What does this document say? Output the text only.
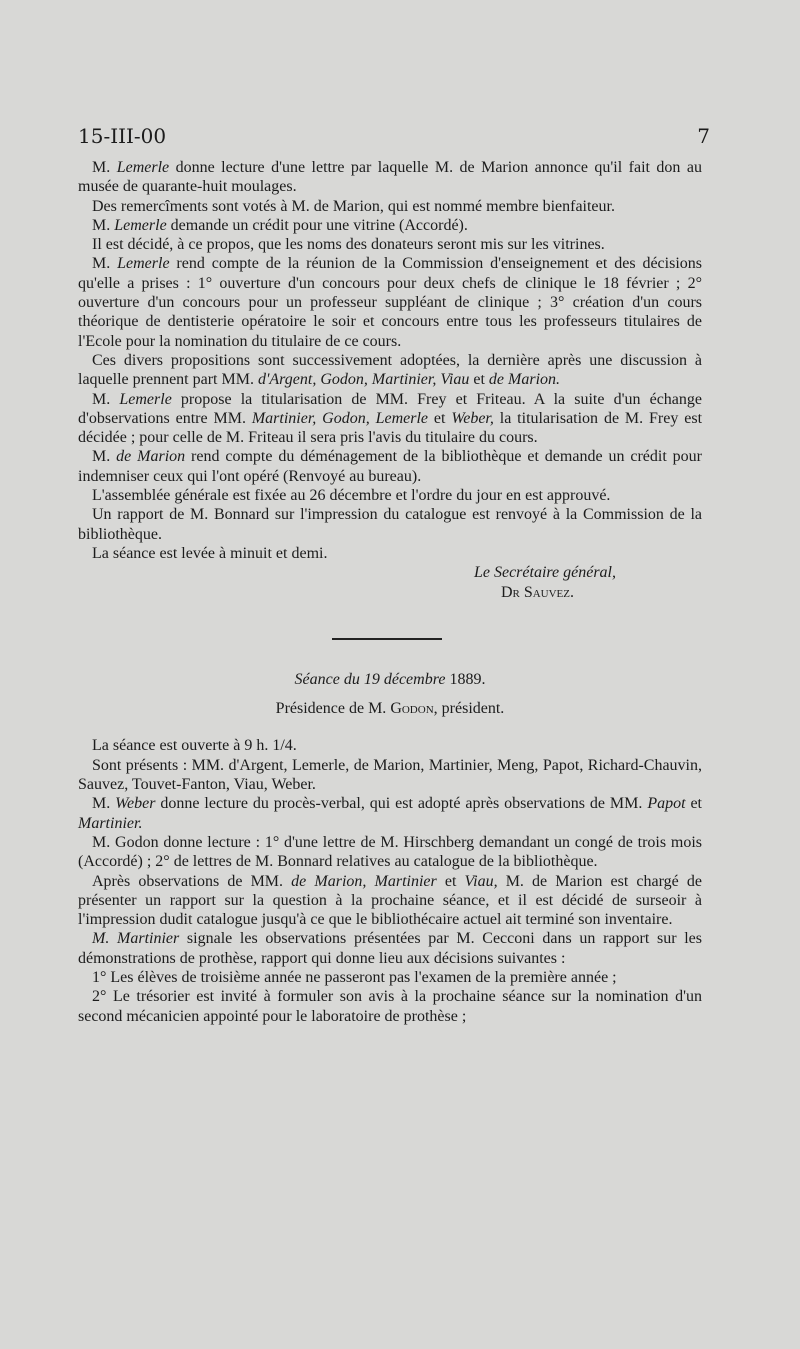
15-III-00	7

M. Lemerle donne lecture d'une lettre par laquelle M. de Marion annonce qu'il fait don au musée de quarante-huit moulages.

Des remercîments sont votés à M. de Marion, qui est nommé membre bienfaiteur.

M. Lemerle demande un crédit pour une vitrine (Accordé).

Il est décidé, à ce propos, que les noms des donateurs seront mis sur les vitrines.

M. Lemerle rend compte de la réunion de la Commission d'enseignement et des décisions qu'elle a prises : 1° ouverture d'un concours pour deux chefs de clinique le 18 février ; 2° ouverture d'un concours pour un professeur suppléant de clinique ; 3° création d'un cours théorique de dentisterie opératoire le soir et concours entre tous les professeurs titulaires de l'Ecole pour la nomination du titulaire de ce cours.

Ces divers propositions sont successivement adoptées, la dernière après une discussion à laquelle prennent part MM. d'Argent, Godon, Martinier, Viau et de Marion.

M. Lemerle propose la titularisation de MM. Frey et Friteau. A la suite d'un échange d'observations entre MM. Martinier, Godon, Lemerle et Weber, la titularisation de M. Frey est décidée ; pour celle de M. Friteau il sera pris l'avis du titulaire du cours.

M. de Marion rend compte du déménagement de la bibliothèque et demande un crédit pour indemniser ceux qui l'ont opéré (Renvoyé au bureau).

L'assemblée générale est fixée au 26 décembre et l'ordre du jour en est approuvé.

Un rapport de M. Bonnard sur l'impression du catalogue est renvoyé à la Commission de la bibliothèque.

La séance est levée à minuit et demi.

Le Secrétaire général,

Dr Sauvez.

Séance du 19 décembre 1889.

Présidence de M. Godon, président.

La séance est ouverte à 9 h. 1/4.

Sont présents : MM. d'Argent, Lemerle, de Marion, Martinier, Meng, Papot, Richard-Chauvin, Sauvez, Touvet-Fanton, Viau, Weber.

M. Weber donne lecture du procès-verbal, qui est adopté après observations de MM. Papot et Martinier.

M. Godon donne lecture : 1° d'une lettre de M. Hirschberg demandant un congé de trois mois (Accordé) ; 2° de lettres de M. Bonnard relatives au catalogue de la bibliothèque.

Après observations de MM. de Marion, Martinier et Viau, M. de Marion est chargé de présenter un rapport sur la question à la prochaine séance, et il est décidé de surseoir à l'impression dudit catalogue jusqu'à ce que le bibliothécaire actuel ait terminé son inventaire.

M. Martinier signale les observations présentées par M. Cecconi dans un rapport sur les démonstrations de prothèse, rapport qui donne lieu aux décisions suivantes :

1° Les élèves de troisième année ne passeront pas l'examen de la première année ;

2° Le trésorier est invité à formuler son avis à la prochaine séance sur la nomination d'un second mécanicien appointé pour le laboratoire de prothèse ;
